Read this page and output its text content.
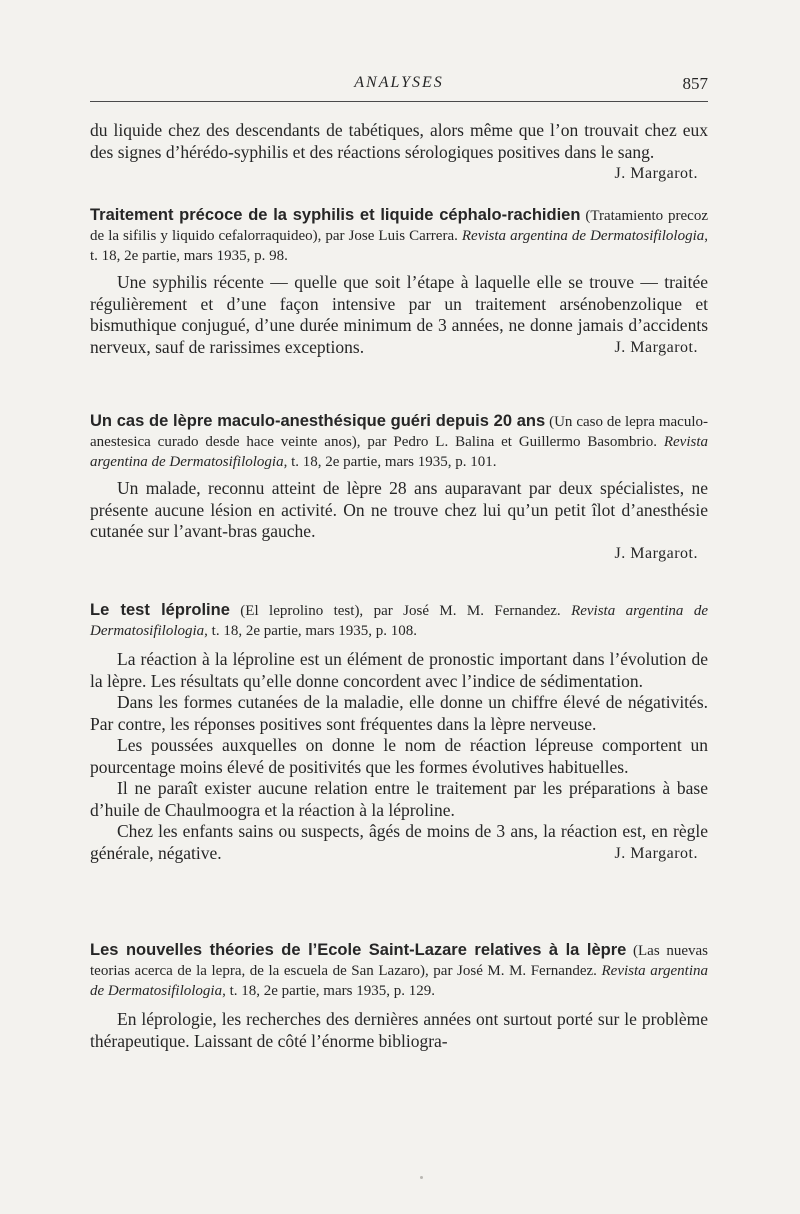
ANALYSES	857

du liquide chez des descendants de tabétiques, alors même que l’on trouvait chez eux des signes d’hérédo-syphilis et des réactions sérologiques positives dans le sang.
J. Margarot.

Traitement précoce de la syphilis et liquide céphalo-rachidien (Tratamiento precoz de la sifilis y liquido cefalorraquideo), par Jose Luis Carrera. Revista argentina de Dermatosifilologia, t. 18, 2e partie, mars 1935, p. 98.

Une syphilis récente — quelle que soit l’étape à laquelle elle se trouve — traitée régulièrement et d’une façon intensive par un traitement arsénobenzolique et bismuthique conjugué, d’une durée minimum de 3 années, ne donne jamais d’accidents nerveux, sauf de rarissimes exceptions.	J. Margarot.

Un cas de lèpre maculo-anesthésique guéri depuis 20 ans (Un caso de lepra maculo-anestesica curado desde hace veinte anos), par Pedro L. Balina et Guillermo Basombrio. Revista argentina de Dermatosifilologia, t. 18, 2e partie, mars 1935, p. 101.

Un malade, reconnu atteint de lèpre 28 ans auparavant par deux spécialistes, ne présente aucune lésion en activité. On ne trouve chez lui qu’un petit îlot d’anesthésie cutanée sur l’avant-bras gauche.

J. Margarot.

Le test léproline (El leprolino test), par José M. M. Fernandez. Revista argentina de Dermatosifilologia, t. 18, 2e partie, mars 1935, p. 108.

La réaction à la léproline est un élément de pronostic important dans l’évolution de la lèpre. Les résultats qu’elle donne concordent avec l’indice de sédimentation.

Dans les formes cutanées de la maladie, elle donne un chiffre élevé de négativités. Par contre, les réponses positives sont fréquentes dans la lèpre nerveuse.

Les poussées auxquelles on donne le nom de réaction lépreuse comportent un pourcentage moins élevé de positivités que les formes évolutives habituelles.

Il ne paraît exister aucune relation entre le traitement par les préparations à base d’huile de Chaulmoogra et la réaction à la léproline.

Chez les enfants sains ou suspects, âgés de moins de 3 ans, la réaction est, en règle générale, négative.	J. Margarot.

Les nouvelles théories de l’Ecole Saint-Lazare relatives à la lèpre (Las nuevas teorias acerca de la lepra, de la escuela de San Lazaro), par José M. M. Fernandez. Revista argentina de Dermatosifilologia, t. 18, 2e partie, mars 1935, p. 129.

En léprologie, les recherches des dernières années ont surtout porté sur le problème thérapeutique. Laissant de côté l’énorme bibliogra-
